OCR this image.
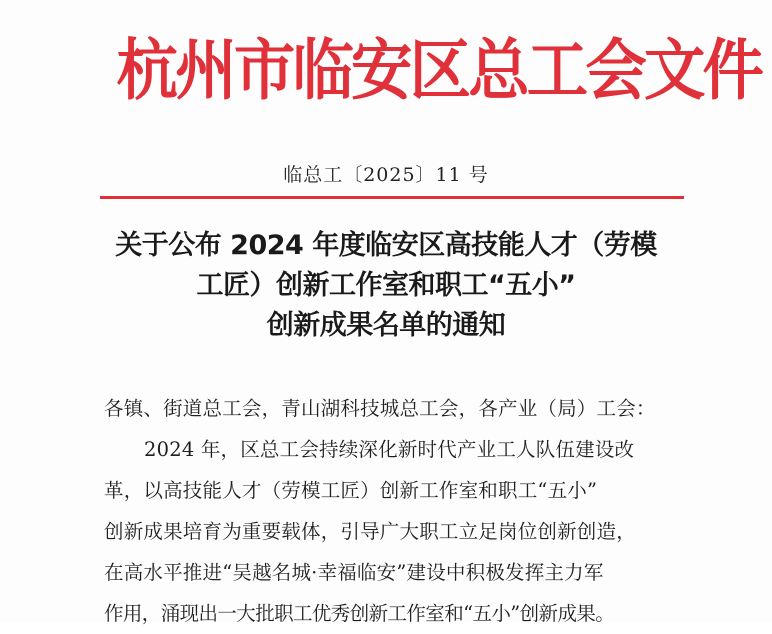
杭州市临安区总工会文件
临总工〔2025〕11 号
关于公布 2024 年度临安区高技能人才（劳模
工匠）创新工作室和职工“五小”
创新成果名单的通知
各镇、街道总工会，青山湖科技城总工会，各产业（局）工会：
2024 年，区总工会持续深化新时代产业工人队伍建设改
革，以高技能人才（劳模工匠）创新工作室和职工“五小”
创新成果培育为重要载体，引导广大职工立足岗位创新创造，
在高水平推进“吴越名城·幸福临安”建设中积极发挥主力军
作用，涌现出一大批职工优秀创新工作室和“五小”创新成果。
